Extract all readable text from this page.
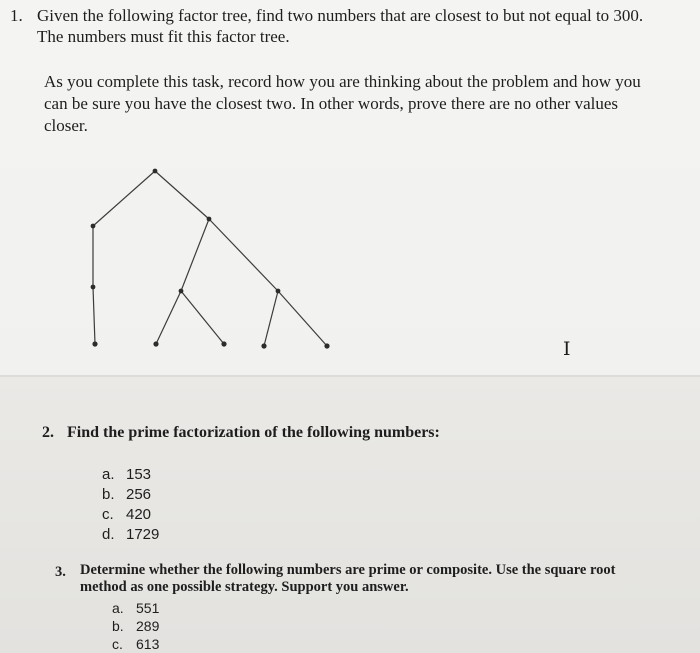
1. Given the following factor tree, find two numbers that are closest to but not equal to 300.
The numbers must fit this factor tree.
As you complete this task, record how you are thinking about the problem and how you
can be sure you have the closest two. In other words, prove there are no other values
closer.
I
2. Find the prime factorization of the following numbers:
a. 153
b. 256
c. 420
d. 1729
3. Determine whether the following numbers are prime or composite. Use the square root
method as one possible strategy. Support you answer.
a. 551
b. 289
c. 613
